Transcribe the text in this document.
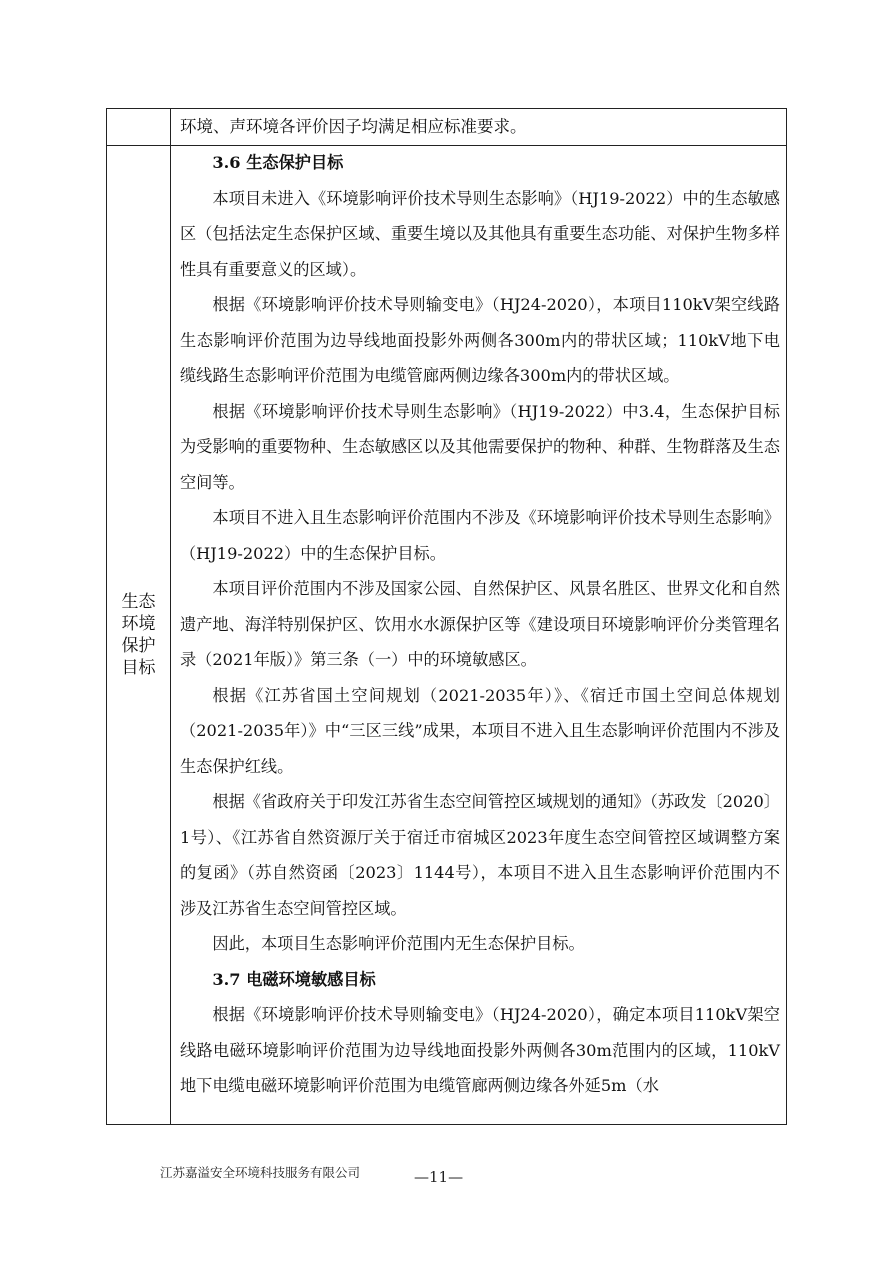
环境、声环境各评价因子均满足相应标准要求。
生态
环境
保护
目标
3.6 生态保护目标

本项目未进入《环境影响评价技术导则生态影响》（HJ19-2022）中的生态敏感区（包括法定生态保护区域、重要生境以及其他具有重要生态功能、对保护生物多样性具有重要意义的区域）。

根据《环境影响评价技术导则输变电》（HJ24-2020），本项目110kV架空线路生态影响评价范围为边导线地面投影外两侧各300m内的带状区域；110kV地下电缆线路生态影响评价范围为电缆管廊两侧边缘各300m内的带状区域。

根据《环境影响评价技术导则生态影响》（HJ19-2022）中3.4，生态保护目标为受影响的重要物种、生态敏感区以及其他需要保护的物种、种群、生物群落及生态空间等。

本项目不进入且生态影响评价范围内不涉及《环境影响评价技术导则生态影响》（HJ19-2022）中的生态保护目标。

本项目评价范围内不涉及国家公园、自然保护区、风景名胜区、世界文化和自然遗产地、海洋特别保护区、饮用水水源保护区等《建设项目环境影响评价分类管理名录（2021年版）》第三条（一）中的环境敏感区。

根据《江苏省国土空间规划（2021-2035年）》、《宿迁市国土空间总体规划（2021-2035年）》中“三区三线”成果，本项目不进入且生态影响评价范围内不涉及生态保护红线。

根据《省政府关于印发江苏省生态空间管控区域规划的通知》（苏政发〔2020〕1号）、《江苏省自然资源厅关于宿迁市宿城区2023年度生态空间管控区域调整方案的复函》（苏自然资函〔2023〕1144号），本项目不进入且生态影响评价范围内不涉及江苏省生态空间管控区域。

因此，本项目生态影响评价范围内无生态保护目标。

3.7 电磁环境敏感目标

根据《环境影响评价技术导则输变电》（HJ24-2020），确定本项目110kV架空线路电磁环境影响评价范围为边导线地面投影外两侧各30m范围内的区域，110kV地下电缆电磁环境影响评价范围为电缆管廊两侧边缘各外延5m（水

江苏嘉溢安全环境科技服务有限公司	—11—
